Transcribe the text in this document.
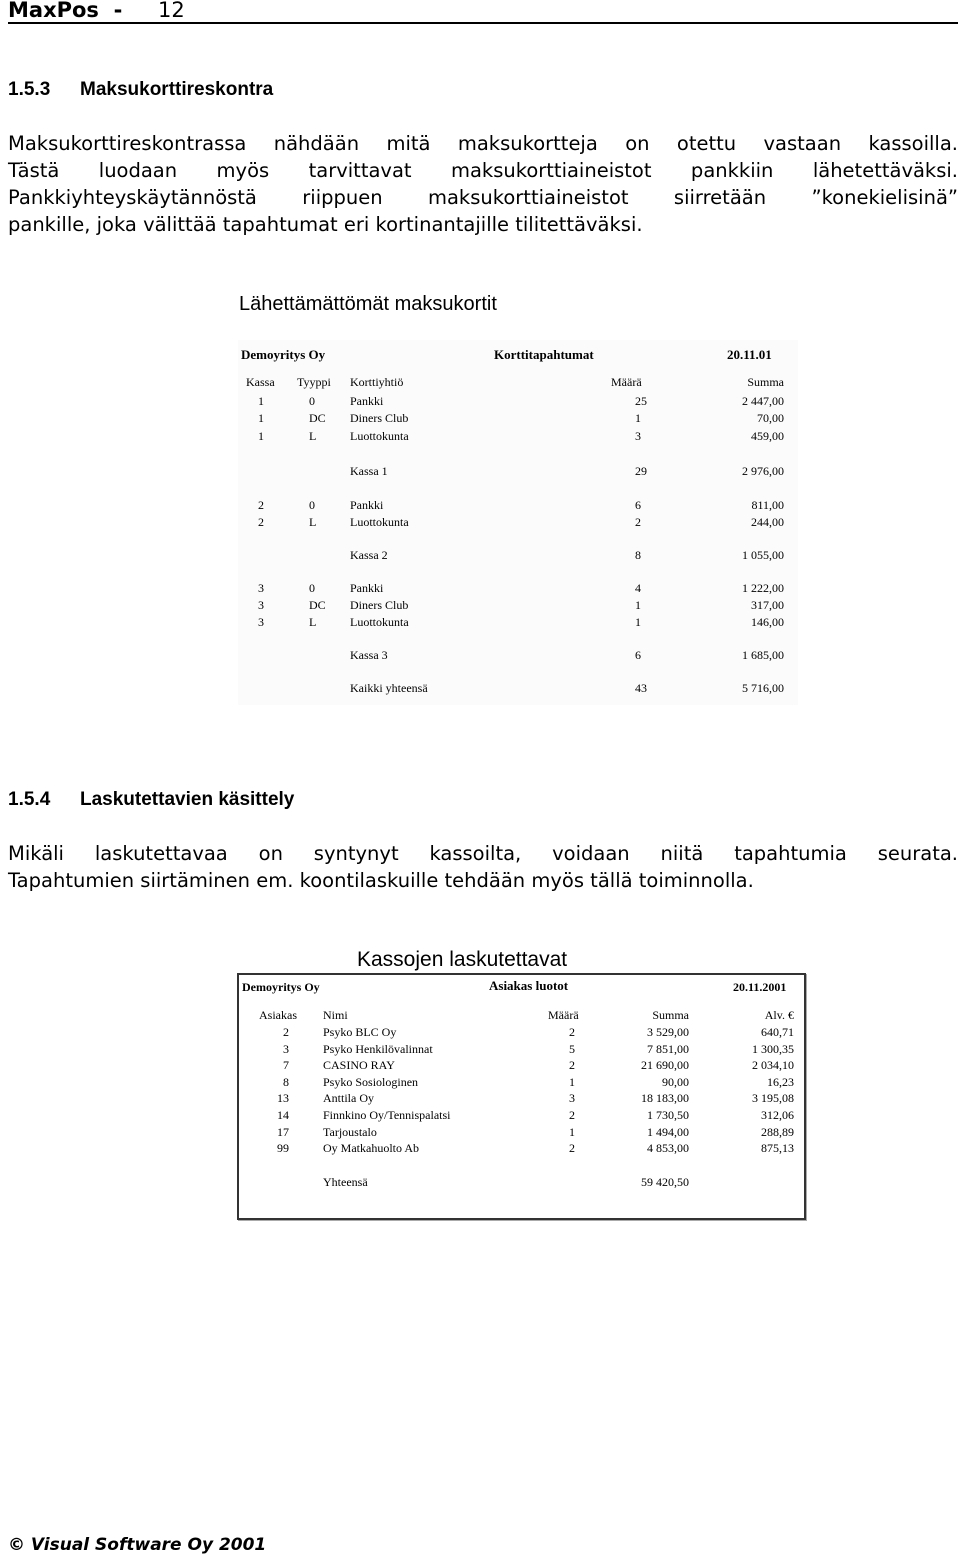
MaxPos - 12
1.5.3 Maksukorttireskontra
Maksukorttireskontrassa nähdään mitä maksukortteja on otettu vastaan kassoilla.
Tästä luodaan myös tarvittavat maksukorttiaineistot pankkiin lähetettäväksi.
Pankkiyhteyskäytännöstä riippuen maksukorttiaineistot siirretään ”konekielisinä”
pankille, joka välittää tapahtumat eri kortinantajille tilitettäväksi.
Lähettämättömät maksukortit
Demoyritys Oy	Korttitapahtumat	20.11.01
Kassa Tyyppi Korttiyhtiö	Määrä	Summa
1	0	Pankki	25	2 447,00
1	DC Diners Club	1	70,00
1	L	Luottokunta	3	459,00
Kassa 1	29	2 976,00
2	0	Pankki	6	811,00
2	L	Luottokunta	2	244,00
Kassa 2	8	1 055,00
3	0	Pankki	4	1 222,00
3	DC Diners Club	1	317,00
3	L	Luottokunta	1	146,00
Kassa 3	6	1 685,00
Kaikki yhteensä	43	5 716,00
1.5.4 Laskutettavien käsittely
Mikäli laskutettavaa on syntynyt kassoilta, voidaan niitä tapahtumia seurata.
Tapahtumien siirtäminen em. koontilaskuille tehdään myös tällä toiminnolla.
Kassojen laskutettavat
Demoyritys Oy	Asiakas luotot	20.11.2001
Asiakas Nimi	Määrä	Summa	Alv. €
2	Psyko BLC Oy	2	3 529,00	640,71
3	Psyko Henkilövalinnat	5	7 851,00	1 300,35
7	CASINO RAY	2	21 690,00	2 034,10
8	Psyko Sosiologinen	1	90,00	16,23
13	Anttila Oy	3	18 183,00	3 195,08
14	Finnkino Oy/Tennispalatsi	2	1 730,50	312,06
17	Tarjoustalo	1	1 494,00	288,89
99	Oy Matkahuolto Ab	2	4 853,00	875,13
Yhteensä	59 420,50
© Visual Software Oy 2001
